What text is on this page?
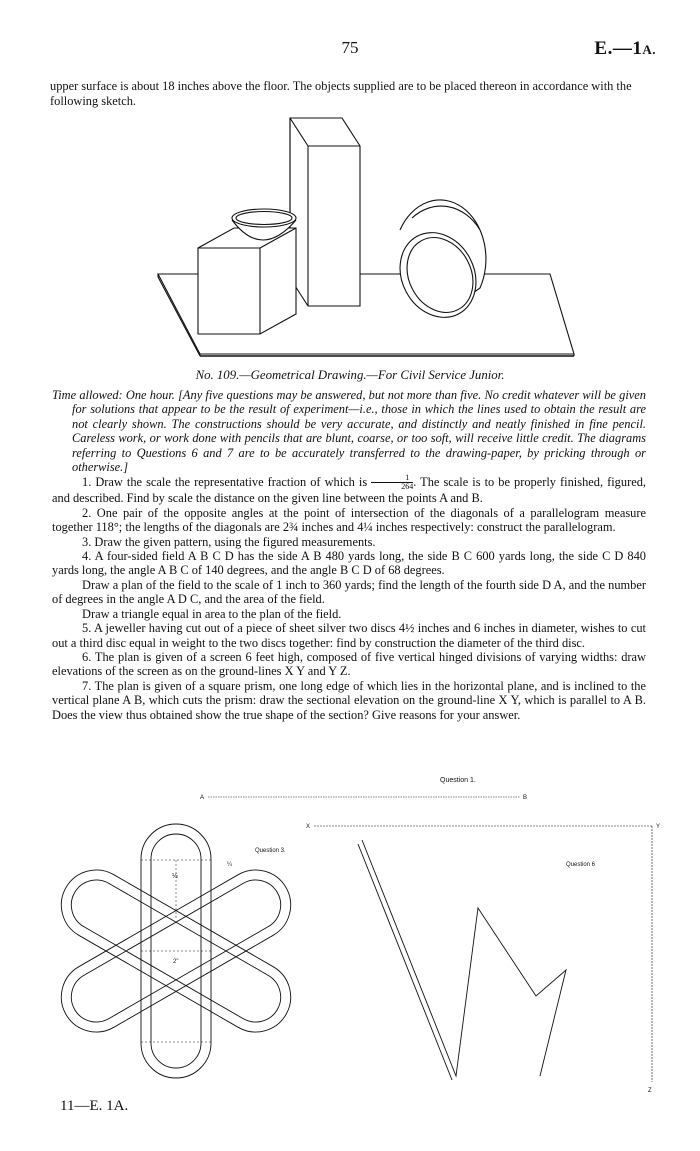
75	E.—1A.
upper surface is about 18 inches above the floor. The objects supplied are to be placed thereon in accordance with the following sketch.
No. 109.—Geometrical Drawing.—For Civil Service Junior.

Time allowed: One hour. [Any five questions may be answered, but not more than five. No credit whatever will be given for solutions that appear to be the result of experiment—i.e., those in which the lines used to obtain the result are not clearly shown. The constructions should be very accurate, and distinctly and neatly finished in fine pencil. Careless work, or work done with pencils that are blunt, coarse, or too soft, will receive little credit. The diagrams referring to Questions 6 and 7 are to be accurately transferred to the drawing-paper, by pricking through or otherwise.]

1. Draw the scale the representative fraction of which is $\frac{1}{264}$ . The scale is to be properly finished, figured, and described. Find by scale the distance on the given line between the points A and B.

2. One pair of the opposite angles at the point of intersection of the diagonals of a parallelogram measure together 118°; the lengths of the diagonals are 2¾ inches and 4¼ inches respectively: construct the parallelogram.

3. Draw the given pattern, using the figured measurements.

4. A four-sided field A B C D has the side A B 480 yards long, the side B C 600 yards long, the side C D 840 yards long, the angle A B C of 140 degrees, and the angle B C D of 68 degrees.

Draw a plan of the field to the scale of 1 inch to 360 yards; find the length of the fourth side D A, and the number of degrees in the angle A D C, and the area of the field.

Draw a triangle equal in area to the plan of the field.

5. A jeweller having cut out of a piece of sheet silver two discs 4½ inches and 6 inches in diameter, wishes to cut out a third disc equal in weight to the two discs together: find by construction the diameter of the third disc.

6. The plan is given of a screen 6 feet high, composed of five vertical hinged divisions of varying widths: draw elevations of the screen as on the ground-lines X Y and Y Z.

7. The plan is given of a square prism, one long edge of which lies in the horizontal plane, and is inclined to the vertical plane A B, which cuts the prism: draw the sectional elevation on the ground-line X Y, which is parallel to A B. Does the view thus obtained show the true shape of the section? Give reasons for your answer.

Question 1.
A	B
Question 3.
½
¼
2"
X	Y
Z
Question 6
11—E. 1A.
